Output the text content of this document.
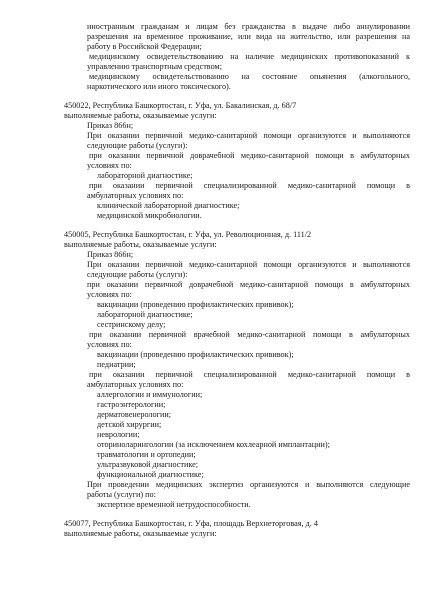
иностранным гражданам и лицам без гражданства в выдаче либо аннулировании
разрешения на временное проживание, или вида на жительство, или разрешения на
работу в Российской Федерации;
медицинскому освидетельствованию на наличие медицинских противопоказаний к
управлению транспортным средством;
медицинскому освидетельствованию на состояние опьянения (алкогольного,
наркотического или иного токсического).
450022, Республика Башкортостан, г. Уфа, ул. Бакалинская, д. 68/7
выполняемые работы, оказываемые услуги:
Приказ 866н;
При оказании первичной медико-санитарной помощи организуются и выполняются
следующие работы (услуги):
при оказании первичной доврачебной медико-санитарной помощи в амбулаторных
условиях по:
лабораторной диагностике;
при оказании первичной специализированной медико-санитарной помощи в
амбулаторных условиях по:
клинической лабораторной диагностике;
медицинской микробиологии.
450005, Республика Башкортостан, г. Уфа, ул. Революционная, д. 111/2
выполняемые работы, оказываемые услуги:
Приказ 866н;
При оказании первичной медико-санитарной помощи организуются и выполняются
следующие работы (услуги):
при оказании первичной доврачебной медико-санитарной помощи в амбулаторных
условиях по:
вакцинации (проведению профилактических прививок);
лабораторной диагностике;
сестринскому делу;
при оказании первичной врачебной медико-санитарной помощи в амбулаторных
условиях по:
вакцинации (проведению профилактических прививок);
педиатрии;
при оказании первичной специализированной медико-санитарной помощи в
амбулаторных условиях по:
аллергологии и иммунологии;
гастроэнтерологии;
дерматовенерологии;
детской хирургии;
неврологии;
оториноларингологии (за исключением кохлеарной имплантации);
травматологии и ортопедии;
ультразвуковой диагностике;
функциональной диагностике;
При проведении медицинских экспертиз организуются и выполняются следующие
работы (услуги) по:
экспертизе временной нетрудоспособности.
450077, Республика Башкортостан, г. Уфа, площадь Верхнеторговая, д. 4
выполняемые работы, оказываемые услуги:
